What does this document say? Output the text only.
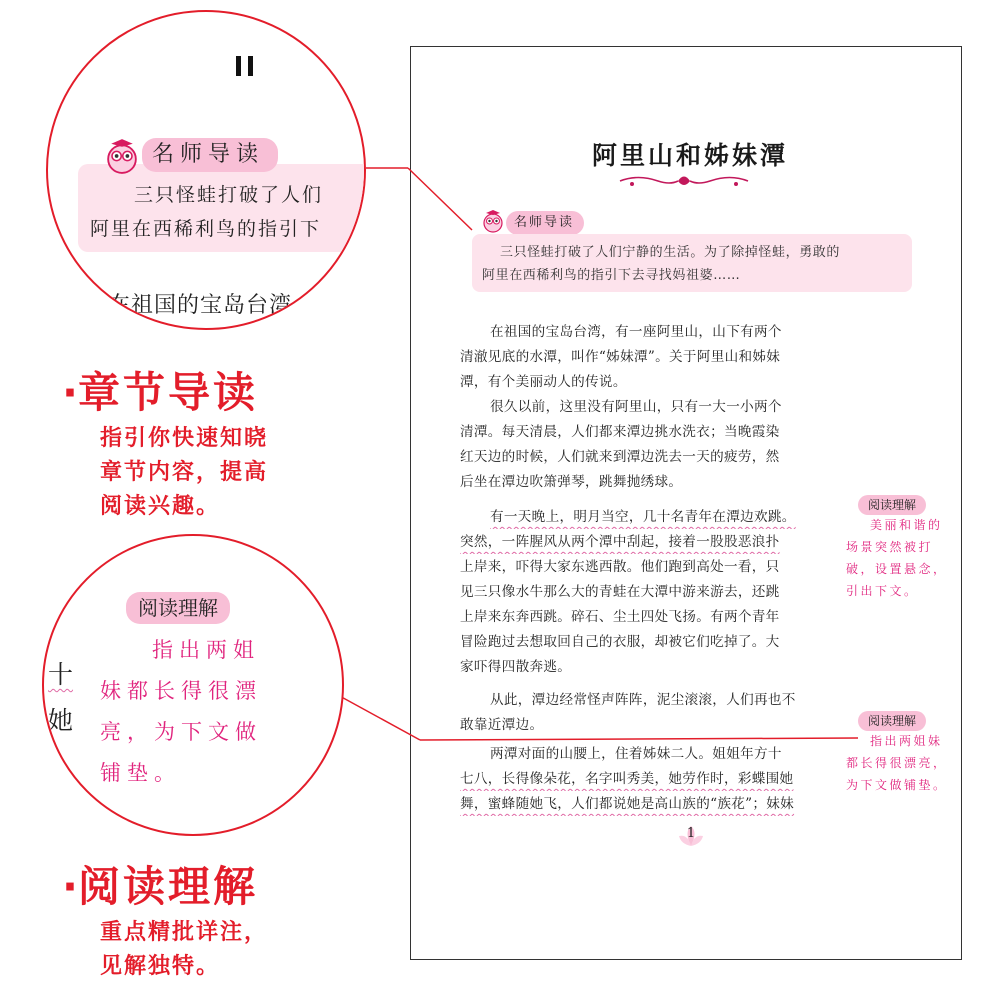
阿里山和姊妹潭
名师导读
三只怪蛙打破了人们宁静的生活。为了除掉怪蛙，勇敢的
阿里在西稀利鸟的指引下去寻找妈祖婆……
在祖国的宝岛台湾，有一座阿里山，山下有两个
清澈见底的水潭，叫作“姊妹潭”。关于阿里山和姊妹
潭，有个美丽动人的传说。
很久以前，这里没有阿里山，只有一大一小两个
清潭。每天清晨，人们都来潭边挑水洗衣；当晚霞染
红天边的时候，人们就来到潭边洗去一天的疲劳，然
后坐在潭边吹箫弹琴，跳舞抛绣球。
有一天晚上，明月当空，几十名青年在潭边欢跳。
突然，一阵腥风从两个潭中刮起，接着一股股恶浪扑
上岸来，吓得大家东逃西散。他们跑到高处一看，只
见三只像水牛那么大的青蛙在大潭中游来游去，还跳
上岸来东奔西跳。碎石、尘土四处飞扬。有两个青年
冒险跑过去想取回自己的衣服，却被它们吃掉了。大
家吓得四散奔逃。
从此，潭边经常怪声阵阵，泥尘滚滚，人们再也不
敢靠近潭边。
两潭对面的山腰上，住着姊妹二人。姐姐年方十
七八，长得像朵花，名字叫秀美，她劳作时，彩蝶围她
舞，蜜蜂随她飞，人们都说她是高山族的“族花”；妹妹
阅读理解
美丽和谐的场景突然被打破，设置悬念，引出下文。
阅读理解
指出两姐妹都长得很漂亮，为下文做铺垫。
1
三只怪蛙打破了人们
阿里在西稀利鸟的指引下
名师导读
在祖国的宝岛台湾
阅读理解
指出两姐妹都长得很漂亮，为下文做铺垫。
十
她
·章节导读
指引你快速知晓
章节内容，提高
阅读兴趣。
·阅读理解
重点精批详注，
见解独特。
